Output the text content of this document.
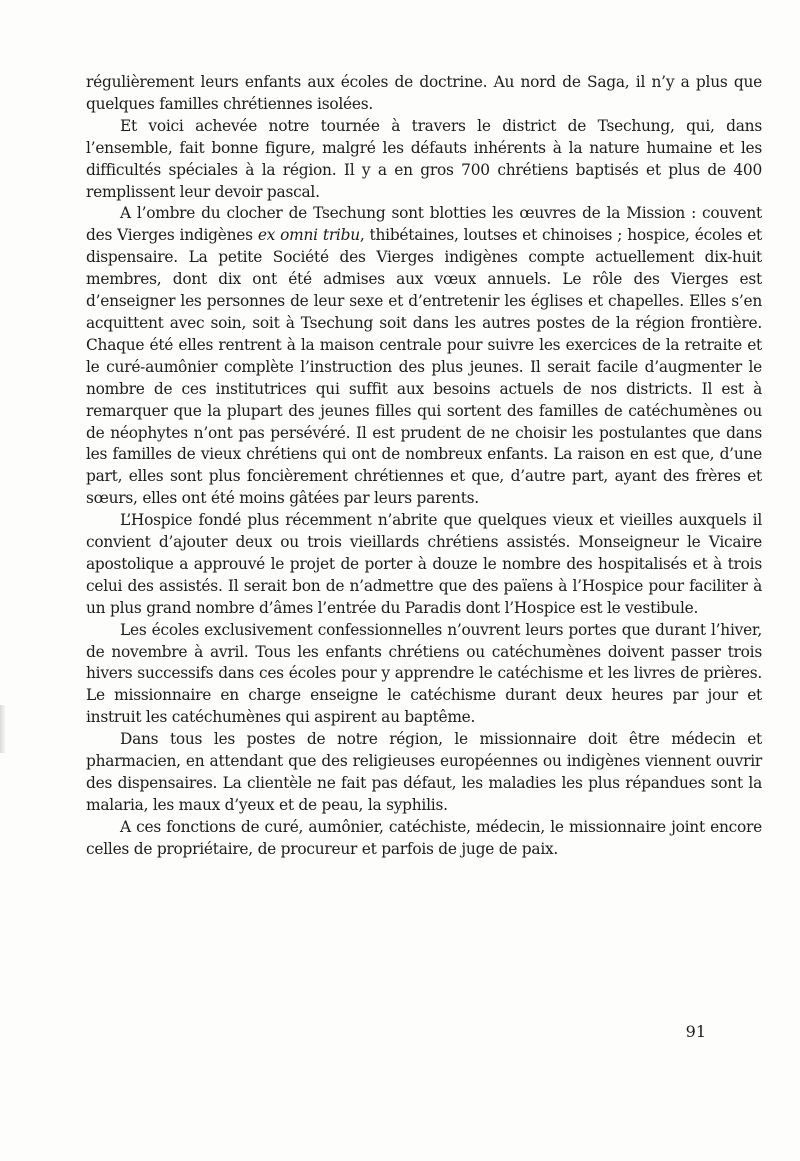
régulièrement leurs enfants aux écoles de doctrine. Au nord de Saga, il n’y a plus que quelques familles chrétiennes isolées.

Et voici achevée notre tournée à travers le district de Tsechung, qui, dans l’ensemble, fait bonne figure, malgré les défauts inhérents à la nature humaine et les difficultés spéciales à la région. Il y a en gros 700 chrétiens baptisés et plus de 400 remplissent leur devoir pascal.

A l’ombre du clocher de Tsechung sont blotties les œuvres de la Mission : couvent des Vierges indigènes ex omni tribu, thibétaines, loutses et chinoises ; hospice, écoles et dispensaire. La petite Société des Vierges indigènes compte actuellement dix-huit membres, dont dix ont été admises aux vœux annuels. Le rôle des Vierges est d’enseigner les personnes de leur sexe et d’entretenir les églises et chapelles. Elles s’en acquittent avec soin, soit à Tsechung soit dans les autres postes de la région frontière. Chaque été elles rentrent à la maison centrale pour suivre les exercices de la retraite et le curé-aumônier complète l’instruction des plus jeunes. Il serait facile d’augmenter le nombre de ces institutrices qui suffit aux besoins actuels de nos districts. Il est à remarquer que la plupart des jeunes filles qui sortent des familles de catéchumènes ou de néophytes n’ont pas persévéré. Il est prudent de ne choisir les postulantes que dans les familles de vieux chrétiens qui ont de nombreux enfants. La raison en est que, d’une part, elles sont plus foncièrement chrétiennes et que, d’autre part, ayant des frères et sœurs, elles ont été moins gâtées par leurs parents.

L’Hospice fondé plus récemment n’abrite que quelques vieux et vieilles auxquels il convient d’ajouter deux ou trois vieillards chrétiens assistés. Monseigneur le Vicaire apostolique a approuvé le projet de porter à douze le nombre des hospitalisés et à trois celui des assistés. Il serait bon de n’admettre que des païens à l’Hospice pour faciliter à un plus grand nombre d’âmes l’entrée du Paradis dont l’Hospice est le vestibule.

Les écoles exclusivement confessionnelles n’ouvrent leurs portes que durant l’hiver, de novembre à avril. Tous les enfants chrétiens ou catéchumènes doivent passer trois hivers successifs dans ces écoles pour y apprendre le catéchisme et les livres de prières. Le missionnaire en charge enseigne le catéchisme durant deux heures par jour et instruit les catéchumènes qui aspirent au baptême.

Dans tous les postes de notre région, le missionnaire doit être médecin et pharmacien, en attendant que des religieuses européennes ou indigènes viennent ouvrir des dispensaires. La clientèle ne fait pas défaut, les maladies les plus répandues sont la malaria, les maux d’yeux et de peau, la syphilis.

A ces fonctions de curé, aumônier, catéchiste, médecin, le missionnaire joint encore celles de propriétaire, de procureur et parfois de juge de paix.

91
